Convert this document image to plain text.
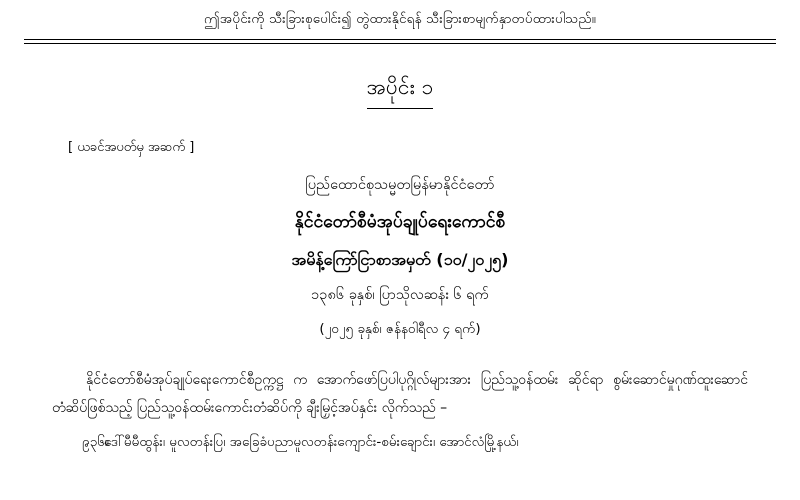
ဤအပိုင်းကို သီးခြားစုပေါင်း၍ တွဲထားနိုင်ရန် သီးခြားစာမျက်နှာတပ်ထားပါသည်။
အပိုင်း ၁
[ ယခင်အပတ်မှ အဆက် ]
ပြည်ထောင်စုသမ္မတမြန်မာနိုင်ငံတော်
နိုင်ငံတော်စီမံအုပ်ချုပ်ရေးကောင်စီ
အမိန့်ကြော်ငြာစာအမှတ် (၁၀/၂၀၂၅)
၁၃၈၆ ခုနှစ်၊ ပြာသိုလဆန်း ၆ ရက်
(၂၀၂၅ ခုနှစ်၊ ဇန်နဝါရီလ ၄ ရက်)
နိုင်ငံတော်စီမံအုပ်ချုပ်ရေးကောင်စီဥက္ကဋ္ဌ က အောက်ဖော်ပြပါပုဂ္ဂိုလ်များအား ပြည်သူ့ဝန်ထမ်း ဆိုင်ရာ စွမ်းဆောင်မှုဂုဏ်ထူးဆောင်တံဆိပ်ဖြစ်သည့် ပြည်သူ့ဝန်ထမ်းကောင်းတံဆိပ်ကို ချီးမြှင့်အပ်နှင်း လိုက်သည် –
၉၃၆။ဒေါ်မီမီထွန်း၊ မူလတန်းပြ၊ အခြေခံပညာမူလတန်းကျောင်း-စမ်းချောင်း၊ အောင်လံမြို့နယ်၊
